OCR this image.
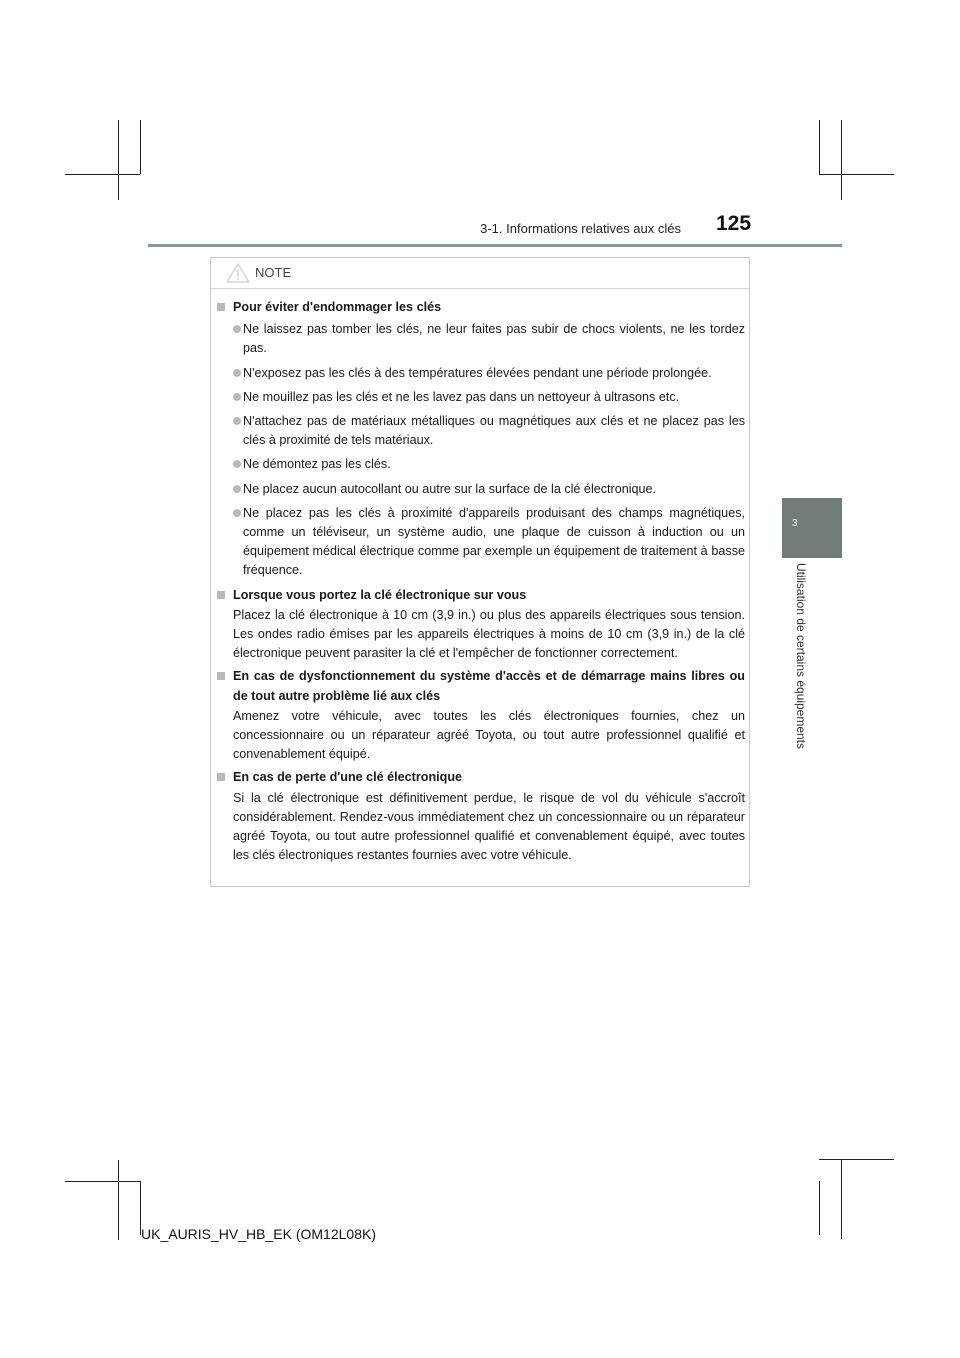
3-1. Informations relatives aux clés 125
3
Utilisation de certains équipements
NOTE
Pour éviter d'endommager les clés
Ne laissez pas tomber les clés, ne leur faites pas subir de chocs violents, ne les tordez pas.
N'exposez pas les clés à des températures élevées pendant une période prolongée.
Ne mouillez pas les clés et ne les lavez pas dans un nettoyeur à ultrasons etc.
N'attachez pas de matériaux métalliques ou magnétiques aux clés et ne placez pas les clés à proximité de tels matériaux.
Ne démontez pas les clés.
Ne placez aucun autocollant ou autre sur la surface de la clé électronique.
Ne placez pas les clés à proximité d'appareils produisant des champs magnétiques, comme un téléviseur, un système audio, une plaque de cuisson à induction ou un équipement médical électrique comme par exemple un équipement de traitement à basse fréquence.
Lorsque vous portez la clé électronique sur vous
Placez la clé électronique à 10 cm (3,9 in.) ou plus des appareils électriques sous tension. Les ondes radio émises par les appareils électriques à moins de 10 cm (3,9 in.) de la clé électronique peuvent parasiter la clé et l'empêcher de fonctionner correctement.
En cas de dysfonctionnement du système d'accès et de démarrage mains libres ou de tout autre problème lié aux clés
Amenez votre véhicule, avec toutes les clés électroniques fournies, chez un concessionnaire ou un réparateur agréé Toyota, ou tout autre professionnel qualifié et convenablement équipé.
En cas de perte d'une clé électronique
Si la clé électronique est définitivement perdue, le risque de vol du véhicule s'accroît considérablement. Rendez-vous immédiatement chez un concessionnaire ou un réparateur agréé Toyota, ou tout autre professionnel qualifié et convenablement équipé, avec toutes les clés électroniques restantes fournies avec votre véhicule.
UK_AURIS_HV_HB_EK (OM12L08K)
